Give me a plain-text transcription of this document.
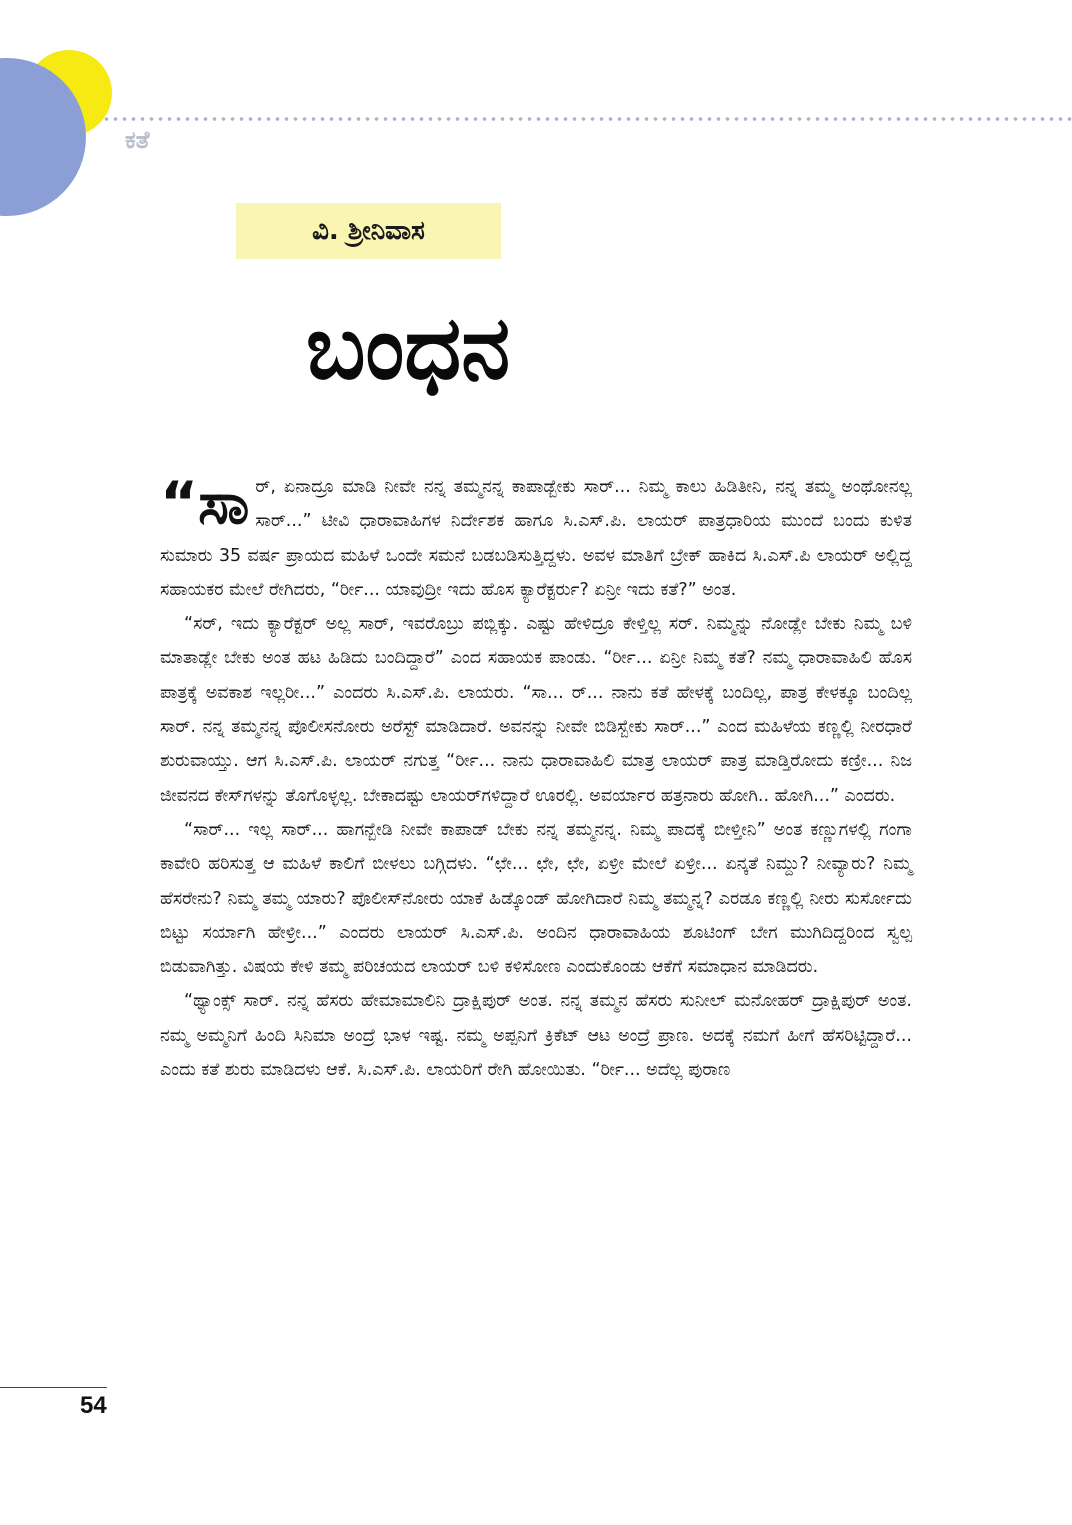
ಕತೆ
ವಿ. ಶ್ರೀನಿವಾಸ
ಬಂಧನ

“ಸಾ ರ್, ಏನಾದ್ರೂ ಮಾಡಿ ನೀವೇ ನನ್ನ ತಮ್ಮನನ್ನ ಕಾಪಾಡ್ಬೇಕು ಸಾರ್... ನಿಮ್ಮ ಕಾಲು ಹಿಡಿತೀನಿ, ನನ್ನ ತಮ್ಮ ಅಂಥೋನಲ್ಲ ಸಾರ್...” ಟೀವಿ ಧಾರಾವಾಹಿಗಳ ನಿರ್ದೇಶಕ ಹಾಗೂ ಸಿ.ಎಸ್.ಪಿ. ಲಾಯರ್ ಪಾತ್ರಧಾರಿಯ ಮುಂದೆ ಬಂದು ಕುಳಿತ ಸುಮಾರು 35 ವರ್ಷ ಪ್ರಾಯದ ಮಹಿಳೆ ಒಂದೇ ಸಮನೆ ಬಡಬಡಿಸುತ್ತಿದ್ದಳು. ಅವಳ ಮಾತಿಗೆ ಬ್ರೇಕ್ ಹಾಕಿದ ಸಿ.ಎಸ್.ಪಿ ಲಾಯರ್ ಅಲ್ಲಿದ್ದ ಸಹಾಯಕರ ಮೇಲೆ ರೇಗಿದರು, “ರ್ರೀ... ಯಾವುದ್ರೀ ಇದು ಹೊಸ ಕ್ಯಾರೆಕ್ಟರ್ರು? ಏನ್ರೀ ಇದು ಕತೆ?” ಅಂತ.

“ಸರ್, ಇದು ಕ್ಯಾರೆಕ್ಟರ್ ಅಲ್ಲ ಸಾರ್, ಇವರೊಬ್ರು ಪಬ್ಲಿಕ್ಕು. ಎಷ್ಟು ಹೇಳಿದ್ರೂ ಕೇಳ್ತಿಲ್ಲ ಸರ್. ನಿಮ್ಮನ್ನು ನೋಡ್ಲೇ ಬೇಕು ನಿಮ್ಮ ಬಳಿ ಮಾತಾಡ್ಲೇ ಬೇಕು ಅಂತ ಹಟ ಹಿಡಿದು ಬಂದಿದ್ದಾರೆ” ಎಂದ ಸಹಾಯಕ ಪಾಂಡು. “ರ್ರೀ... ಏನ್ರೀ ನಿಮ್ಮ ಕತೆ? ನಮ್ಮ ಧಾರಾವಾಹಿಲಿ ಹೊಸ ಪಾತ್ರಕ್ಕೆ ಅವಕಾಶ ಇಲ್ಲರೀ...” ಎಂದರು ಸಿ.ಎಸ್.ಪಿ. ಲಾಯರು. “ಸಾ... ರ್... ನಾನು ಕತೆ ಹೇಳಕ್ಕೆ ಬಂದಿಲ್ಲ, ಪಾತ್ರ ಕೇಳಕ್ಕೂ ಬಂದಿಲ್ಲ ಸಾರ್. ನನ್ನ ತಮ್ಮನನ್ನ ಪೊಲೀಸನೋರು ಅರೆಸ್ಟ್ ಮಾಡಿದಾರೆ. ಅವನನ್ನು ನೀವೇ ಬಿಡಿಸ್ಬೇಕು ಸಾರ್...” ಎಂದ ಮಹಿಳೆಯ ಕಣ್ಣಲ್ಲಿ ನೀರಧಾರೆ ಶುರುವಾಯ್ತು. ಆಗ ಸಿ.ಎಸ್.ಪಿ. ಲಾಯರ್ ನಗುತ್ತ “ರ್ರೀ... ನಾನು ಧಾರಾವಾಹಿಲಿ ಮಾತ್ರ ಲಾಯರ್ ಪಾತ್ರ ಮಾಡ್ತಿರೋದು ಕಣ್ರೀ... ನಿಜ ಜೀವನದ ಕೇಸ್‌ಗಳನ್ನು ತೊಗೊಳ್ಳಲ್ಲ. ಬೇಕಾದಷ್ಟು ಲಾಯರ್‌ಗಳಿದ್ದಾರೆ ಊರಲ್ಲಿ. ಅವರ್ಯಾರ ಹತ್ರನಾರು ಹೋಗಿ.. ಹೋಗಿ...” ಎಂದರು.

“ಸಾರ್... ಇಲ್ಲ ಸಾರ್... ಹಾಗನ್ಬೇಡಿ ನೀವೇ ಕಾಪಾಡ್ ಬೇಕು ನನ್ನ ತಮ್ಮನನ್ನ. ನಿಮ್ಮ ಪಾದಕ್ಕೆ ಬೀಳ್ತೀನಿ” ಅಂತ ಕಣ್ಣುಗಳಲ್ಲಿ ಗಂಗಾ ಕಾವೇರಿ ಹರಿಸುತ್ತ ಆ ಮಹಿಳೆ ಕಾಲಿಗೆ ಬೀಳಲು ಬಗ್ಗಿದಳು. “ಛೇ... ಛೇ, ಛೇ, ಏಳ್ರೀ ಮೇಲೆ ಏಳ್ರೀ... ಏನ್ಕತೆ ನಿಮ್ದು? ನೀವ್ಯಾರು? ನಿಮ್ಮ ಹೆಸರೇನು? ನಿಮ್ಮ ತಮ್ಮ ಯಾರು? ಪೊಲೀಸ್‌ನೋರು ಯಾಕೆ ಹಿಡ್ಕೊಂಡ್ ಹೋಗಿದಾರೆ ನಿಮ್ಮ ತಮ್ಮನ್ನ? ಎರಡೂ ಕಣ್ಣಲ್ಲಿ ನೀರು ಸುರ್ಸೋದು ಬಿಟ್ಟು ಸರ್ಯಾಗಿ ಹೇಳ್ರೀ...” ಎಂದರು ಲಾಯರ್ ಸಿ.ಎಸ್.ಪಿ. ಅಂದಿನ ಧಾರಾವಾಹಿಯ ಶೂಟಿಂಗ್ ಬೇಗ ಮುಗಿದಿದ್ದರಿಂದ ಸ್ವಲ್ಪ ಬಿಡುವಾಗಿತ್ತು. ವಿಷಯ ಕೇಳಿ ತಮ್ಮ ಪರಿಚಯದ ಲಾಯರ್ ಬಳಿ ಕಳಿಸೋಣ ಎಂದುಕೊಂಡು ಆಕೆಗೆ ಸಮಾಧಾನ ಮಾಡಿದರು.

“ಥ್ಯಾಂಕ್ಸ್ ಸಾರ್. ನನ್ನ ಹೆಸರು ಹೇಮಾಮಾಲಿನಿ ದ್ರಾಕ್ಷಿಪುರ್ ಅಂತ. ನನ್ನ ತಮ್ಮನ ಹೆಸರು ಸುನೀಲ್ ಮನೋಹರ್ ದ್ರಾಕ್ಷಿಪುರ್ ಅಂತ. ನಮ್ಮ ಅಮ್ಮನಿಗೆ ಹಿಂದಿ ಸಿನಿಮಾ ಅಂದ್ರೆ ಭಾಳ ಇಷ್ಟ. ನಮ್ಮ ಅಪ್ಪನಿಗೆ ಕ್ರಿಕೆಟ್ ಆಟ ಅಂದ್ರೆ ಪ್ರಾಣ. ಅದಕ್ಕೆ ನಮಗೆ ಹೀಗೆ ಹೆಸರಿಟ್ಟಿದ್ದಾರೆ... ಎಂದು ಕತೆ ಶುರು ಮಾಡಿದಳು ಆಕೆ. ಸಿ.ಎಸ್.ಪಿ. ಲಾಯರಿಗೆ ರೇಗಿ ಹೋಯಿತು. “ರ್ರೀ... ಅದೆಲ್ಲ ಪುರಾಣ

54
